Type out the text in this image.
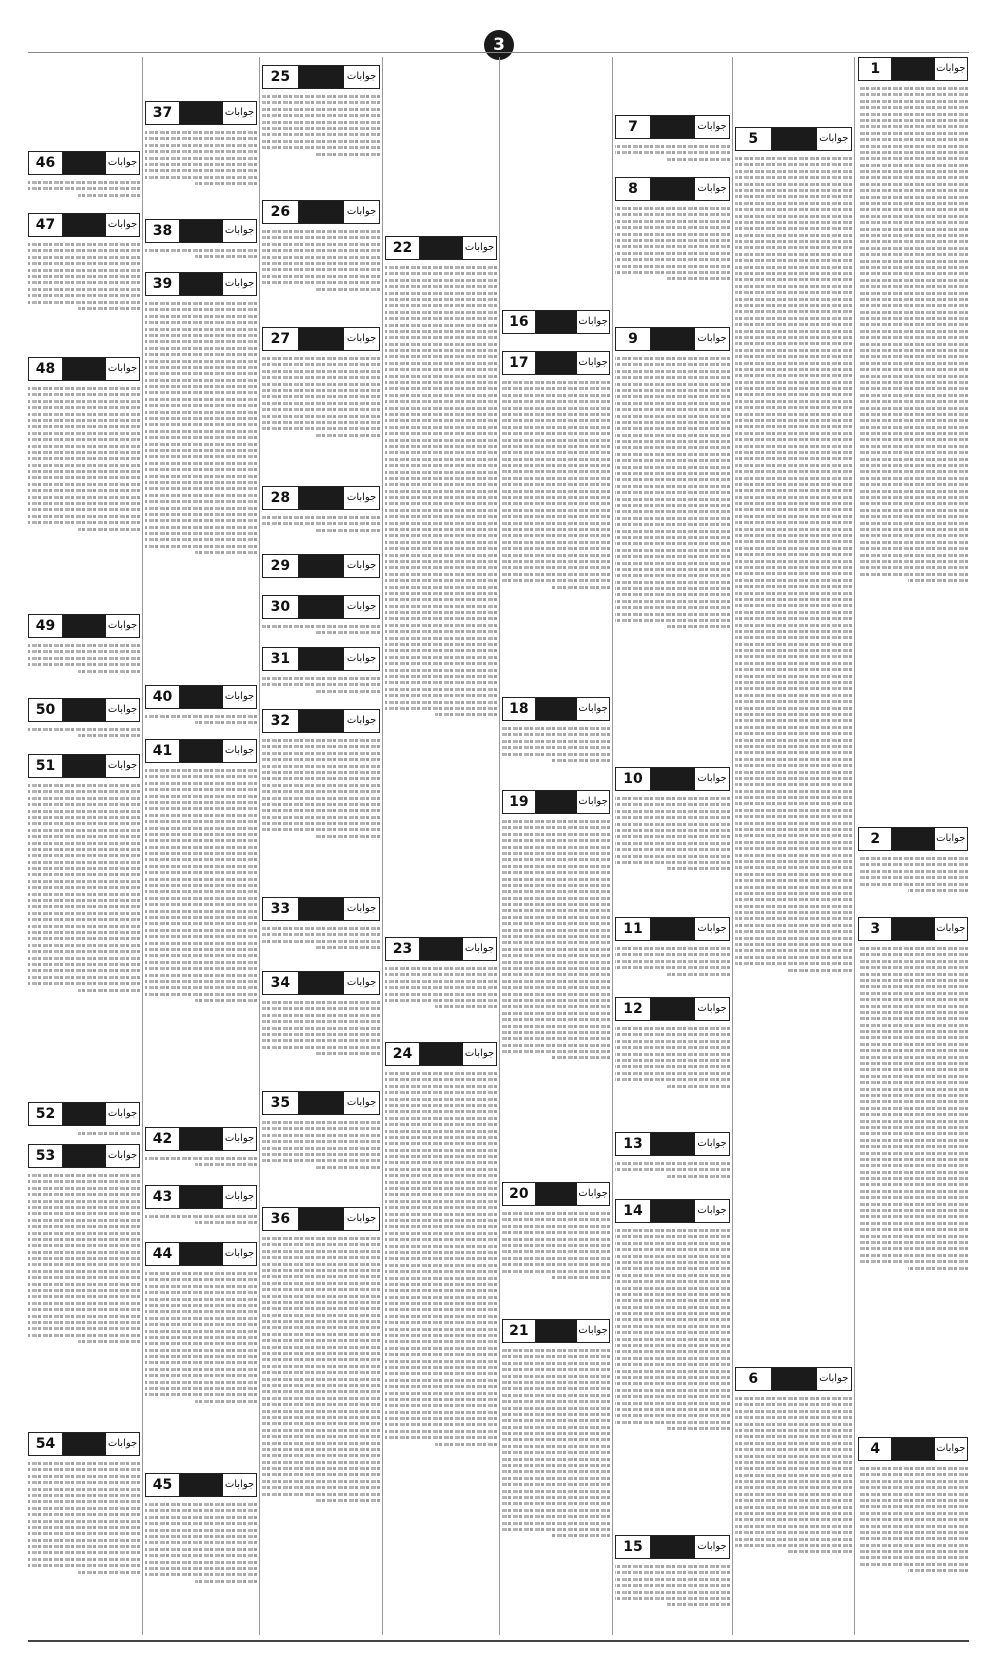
3
1	جوابات
2	جوابات
3	جوابات
4	جوابات
5	جوابات
6	جوابات
7	جوابات
8	جوابات
9	جوابات
10	جوابات
11	جوابات
12	جوابات
13	جوابات
14	جوابات
15	جوابات
16	جوابات
17	جوابات
18	جوابات
19	جوابات
20	جوابات
21	جوابات
22	جوابات
23	جوابات
24	جوابات
25	جوابات
26	جوابات
27	جوابات
28	جوابات
29	جوابات
30	جوابات
31	جوابات
32	جوابات
33	جوابات
34	جوابات
35	جوابات
36	جوابات
37	جوابات
38	جوابات
39	جوابات
40	جوابات
41	جوابات
42	جوابات
43	جوابات
44	جوابات
45	جوابات
46	جوابات
47	جوابات
48	جوابات
49	جوابات
50	جوابات
51	جوابات
52	جوابات
53	جوابات
54	جوابات
